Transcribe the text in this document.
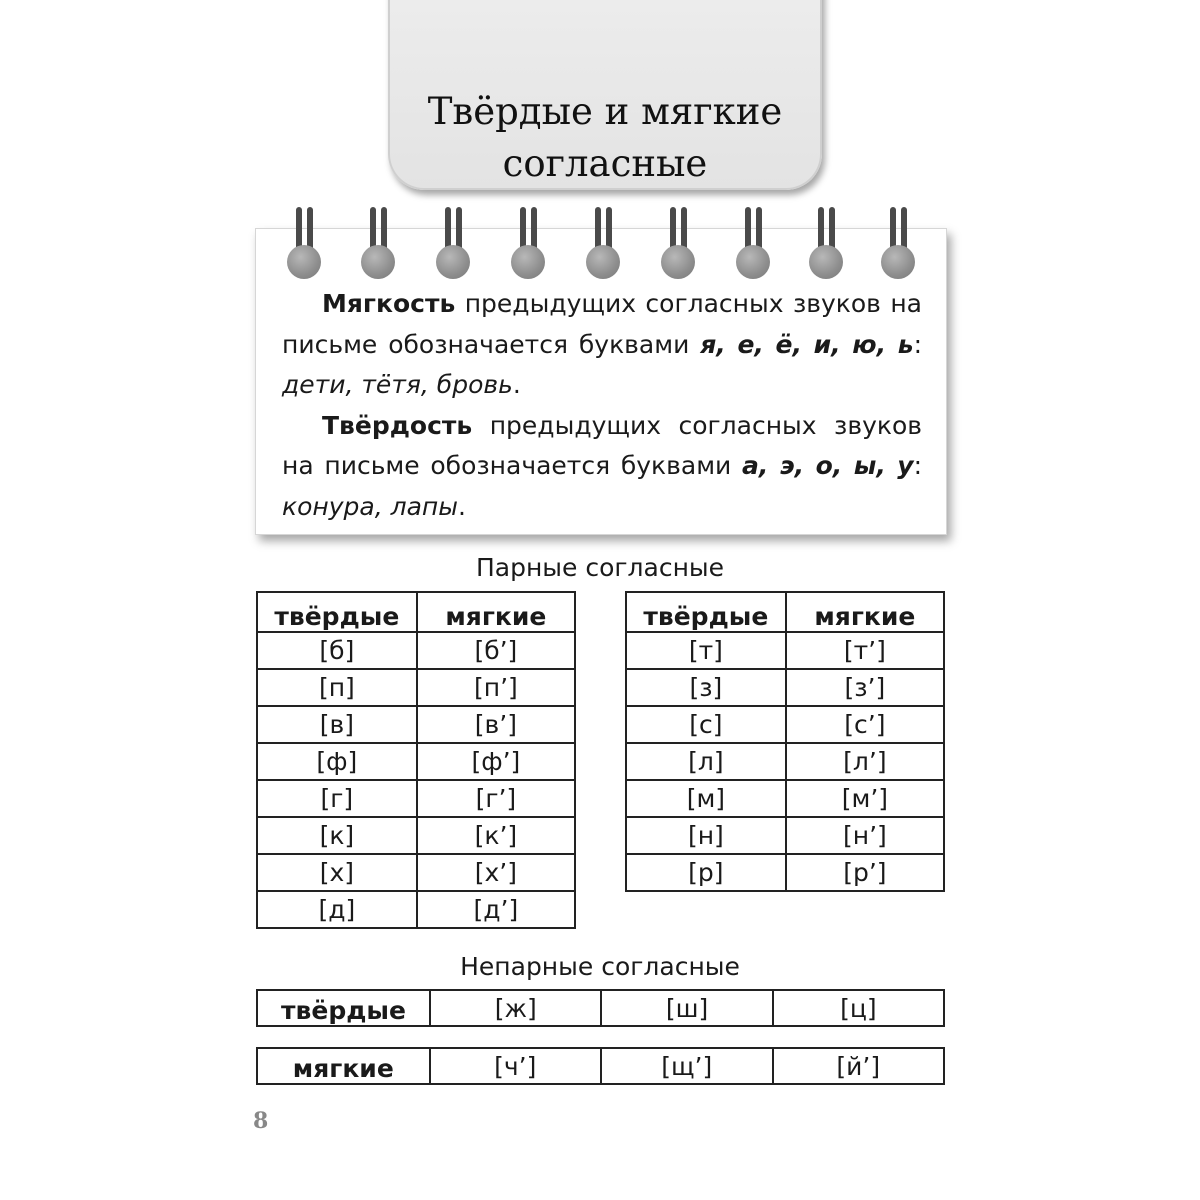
Твёрдые и мягкие
согласные

Мягкость предыдущих согласных звуков на письме обозначается буквами я, е, ё, и, ю, ь: дети, тётя, бровь.

Твёрдость предыдущих согласных звуков на письме обозначается буквами а, э, о, ы, у: конура, лапы.

Парные согласные
твёрдые	мягкие
[б]	[б’]
[п]	[п’]
[в]	[в’]
[ф]	[ф’]
[г]	[г’]
[к]	[к’]
[х]	[х’]
[д]	[д’]
твёрдые	мягкие
[т]	[т’]
[з]	[з’]
[с]	[с’]
[л]	[л’]
[м]	[м’]
[н]	[н’]
[р]	[р’]
Непарные согласные
твёрдые	[ж]	[ш]	[ц]
мягкие	[ч’]	[щ’]	[й’]
8
